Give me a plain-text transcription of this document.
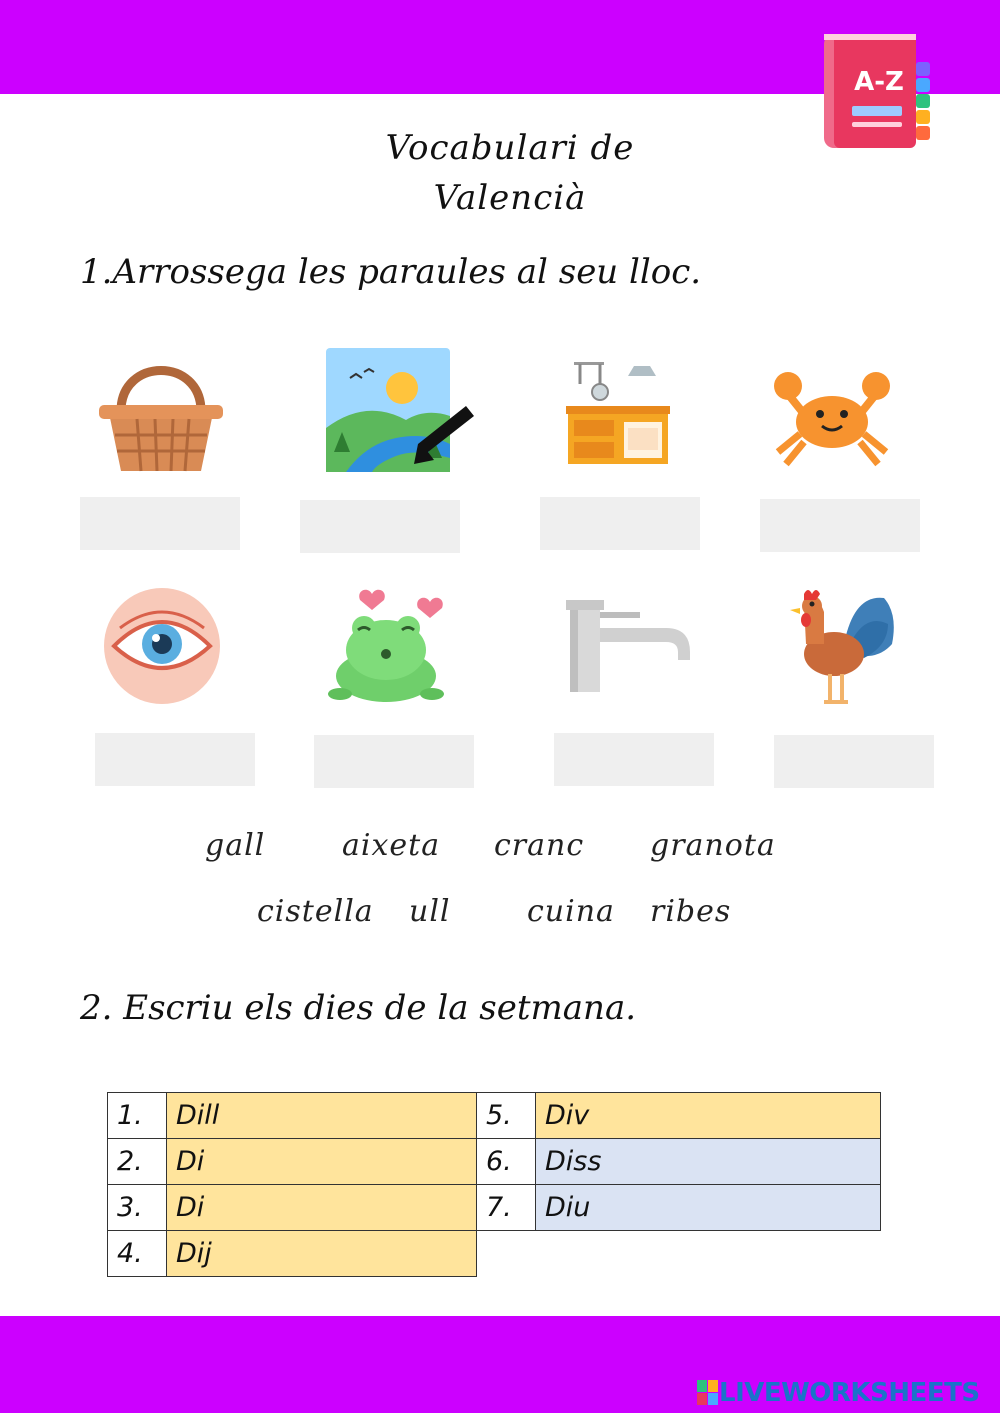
A-Z
Vocabulari de
Valencià
1.Arrossega les paraules al seu lloc.
gall	aixeta cranc granota
cistella ull	cuina ribes
2. Escriu els dies de la setmana.
1.	Dill	5.	Div
2.	Di	6.	Diss
3.	Di	7.	Diu
4.	Dij		
LIVEWORKSHEETS
